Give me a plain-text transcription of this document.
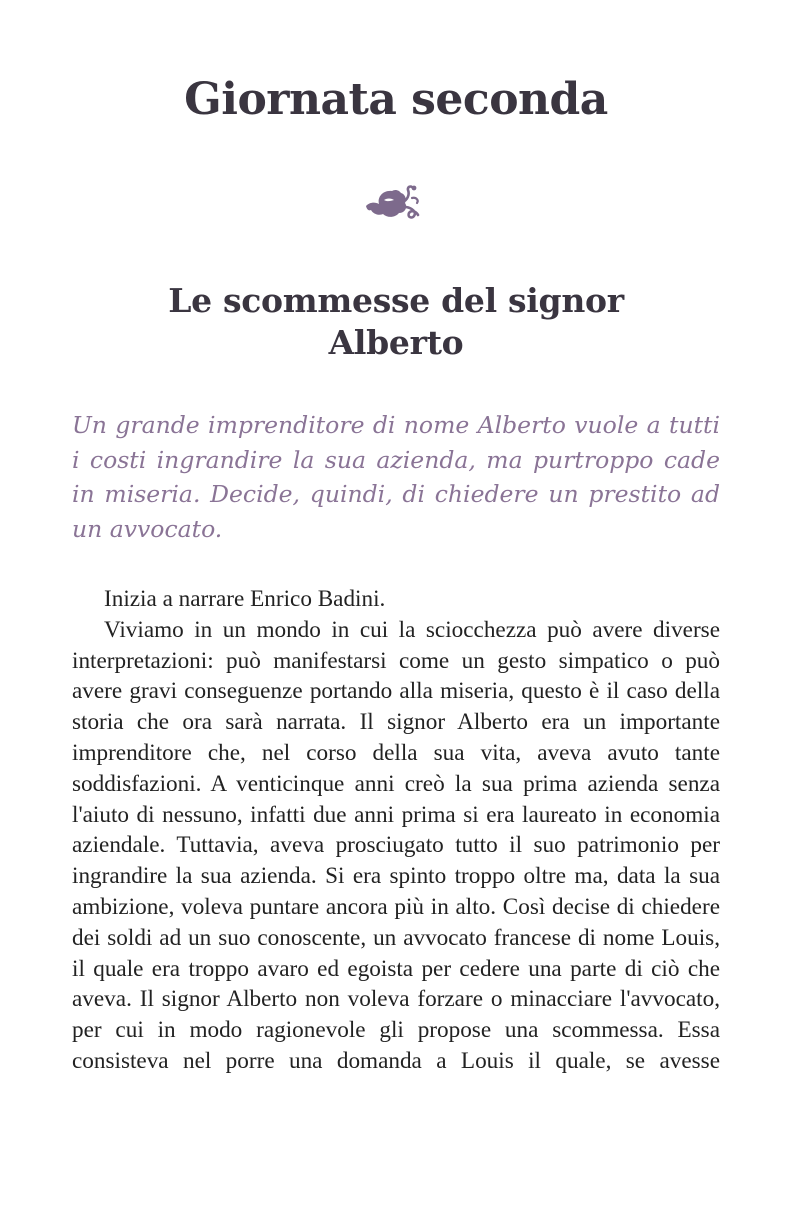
Giornata seconda
Le scommesse del signor
Alberto

Un grande imprenditore di nome Alberto vuole a tutti i costi ingrandire la sua azienda, ma purtroppo cade in miseria. Decide, quindi, di chiedere un prestito ad un avvocato.

Inizia a narrare Enrico Badini.

Viviamo in un mondo in cui la sciocchezza può avere diverse interpretazioni: può manifestarsi come un gesto simpatico o può avere gravi conseguenze portando alla miseria, questo è il caso della storia che ora sarà narrata. Il signor Alberto era un importante imprenditore che, nel corso della sua vita, aveva avuto tante soddisfazioni. A venticinque anni creò la sua prima azienda senza l'aiuto di nessuno, infatti due anni prima si era laureato in economia aziendale. Tuttavia, aveva prosciugato tutto il suo patrimonio per ingrandire la sua azienda. Si era spinto troppo oltre ma, data la sua ambizione, voleva puntare ancora più in alto. Così decise di chiedere dei soldi ad un suo conoscente, un avvocato francese di nome Louis, il quale era troppo avaro ed egoista per cedere una parte di ciò che aveva. Il signor Alberto non voleva forzare o minacciare l'avvocato, per cui in modo ragionevole gli propose una scommessa. Essa consisteva nel porre una domanda a Louis il quale, se avesse
